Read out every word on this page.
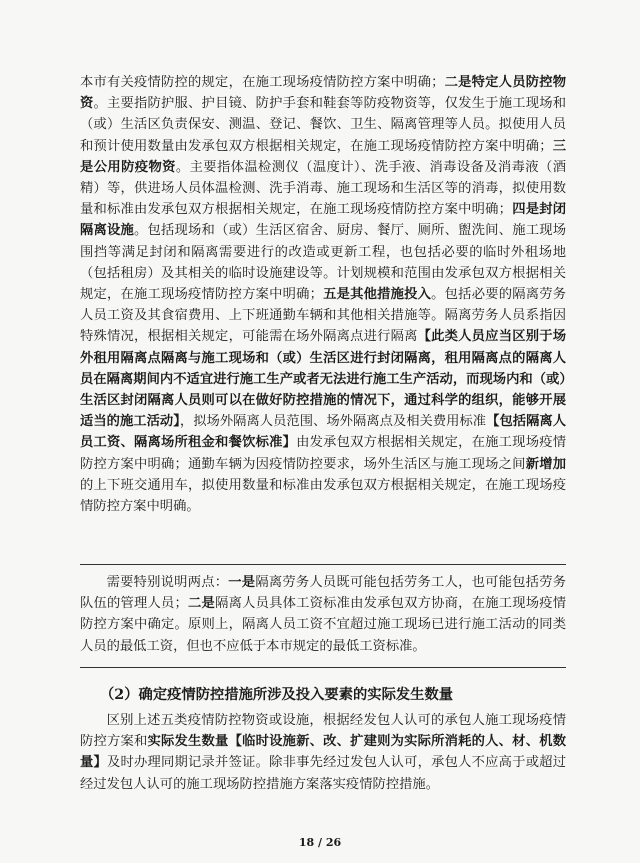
本市有关疫情防控的规定，在施工现场疫情防控方案中明确；二是特定人员防控物资。主要指防护服、护目镜、防护手套和鞋套等防疫物资等，仅发生于施工现场和（或）生活区负责保安、测温、登记、餐饮、卫生、隔离管理等人员。拟使用人员和预计使用数量由发承包双方根据相关规定，在施工现场疫情防控方案中明确；三是公用防疫物资。主要指体温检测仪（温度计）、洗手液、消毒设备及消毒液（酒精）等，供进场人员体温检测、洗手消毒、施工现场和生活区等的消毒，拟使用数量和标准由发承包双方根据相关规定，在施工现场疫情防控方案中明确；四是封闭隔离设施。包括现场和（或）生活区宿舍、厨房、餐厅、厕所、盥洗间、施工现场围挡等满足封闭和隔离需要进行的改造或更新工程，也包括必要的临时外租场地（包括租房）及其相关的临时设施建设等。计划规模和范围由发承包双方根据相关规定，在施工现场疫情防控方案中明确；五是其他措施投入。包括必要的隔离劳务人员工资及其食宿费用、上下班通勤车辆和其他相关措施等。隔离劳务人员系指因特殊情况，根据相关规定，可能需在场外隔离点进行隔离【此类人员应当区别于场外租用隔离点隔离与施工现场和（或）生活区进行封闭隔离，租用隔离点的隔离人员在隔离期间内不适宜进行施工生产或者无法进行施工生产活动，而现场内和（或）生活区封闭隔离人员则可以在做好防控措施的情况下，通过科学的组织，能够开展适当的施工活动】，拟场外隔离人员范围、场外隔离点及相关费用标准【包括隔离人员工资、隔离场所租金和餐饮标准】由发承包双方根据相关规定，在施工现场疫情防控方案中明确；通勤车辆为因疫情防控要求，场外生活区与施工现场之间新增加的上下班交通用车，拟使用数量和标准由发承包双方根据相关规定，在施工现场疫情防控方案中明确。
需要特别说明两点：一是隔离劳务人员既可能包括劳务工人，也可能包括劳务队伍的管理人员；二是隔离人员具体工资标准由发承包双方协商，在施工现场疫情防控方案中确定。原则上，隔离人员工资不宜超过施工现场已进行施工活动的同类人员的最低工资，但也不应低于本市规定的最低工资标准。
（2）确定疫情防控措施所涉及投入要素的实际发生数量
区别上述五类疫情防控物资或设施，根据经发包人认可的承包人施工现场疫情防控方案和实际发生数量【临时设施新、改、扩建则为实际所消耗的人、材、机数量】及时办理同期记录并签证。除非事先经过发包人认可，承包人不应高于或超过经过发包人认可的施工现场防控措施方案落实疫情防控措施。
18 / 26
